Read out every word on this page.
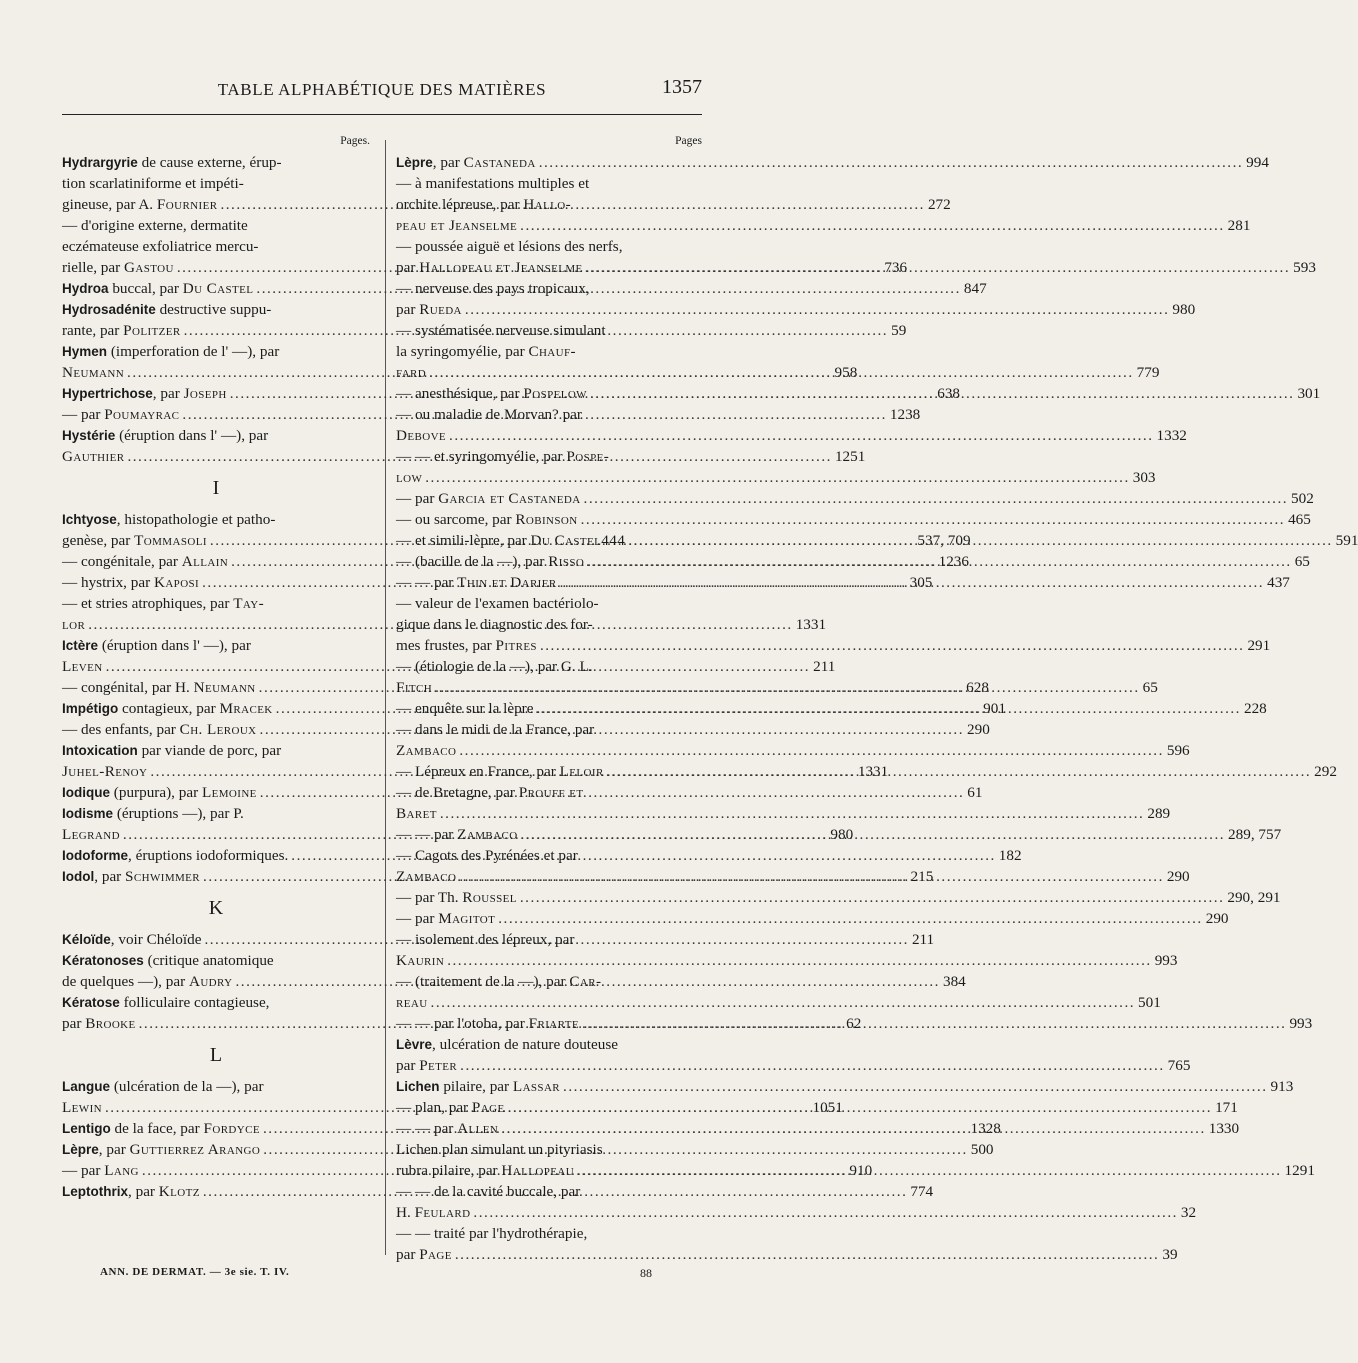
TABLE ALPHABÉTIQUE DES MATIÈRES	1357
Pages.
Hydrargyrie de cause externe, érup-
tion scarlatiniforme et impéti-
gineuse, par A. Fournier .....	272
— d'origine externe, dermatite
eczémateuse exfoliatrice mercu-
rielle, par Gastou .....	736
Hydroa buccal, par Du Castel .....	847
Hydrosadénite destructive suppu-
rante, par Politzer .....	59
Hymen (imperforation de l' —), par
Neumann .....	958
Hypertrichose, par Joseph .....	638
— par Poumayrac .....	1238
Hystérie (éruption dans l' —), par
Gauthier .....	1251
I
Ichtyose, histopathologie et patho-
genèse, par Tommasoli .....	537, 709
— congénitale, par Allain .....	1236
— hystrix, par Kaposi .....	305
— et stries atrophiques, par Tay-
lor .....	1331
Ictère (éruption dans l' —), par
Leven .....	211
— congénital, par H. Neumann .....	628
Impétigo contagieux, par Mracek .....	901
— des enfants, par Ch. Leroux .....	290
Intoxication par viande de porc, par
Juhel-Renoy .....	1331
Iodique (purpura), par Lemoine .....	61
Iodisme (éruptions —), par P.
Legrand .....	980
Iodoforme, éruptions iodoformiques. .....	182
Iodol, par Schwimmer .....	215
K
Kéloïde, voir Chéloïde .....	211
Kératonoses (critique anatomique
de quelques —), par Audry .....	384
Kératose folliculaire contagieuse,
par Brooke .....	62
L
Langue (ulcération de la —), par
Lewin .....	1051
Lentigo de la face, par Fordyce .....	1328
Lèpre, par Guttierrez Arango .....	500
— par Lang .....	910
Leptothrix, par Klotz .....	774
Pages
Lèpre, par Castaneda .....	994
— à manifestations multiples et
orchite lépreuse, par Hallo-
peau et Jeanselme .....	281
— poussée aiguë et lésions des nerfs,
par Hallopeau et Jeanselme .....	593
— nerveuse des pays tropicaux,
par Rueda .....	980
— systématisée nerveuse simulant
la syringomyélie, par Chauf-
fard .....	779
— anesthésique, par Pospelow .....	301
— ou maladie de Morvan? par
Debove .....	1332
— — et syringomyélie, par Pospe-
low .....	303
— par Garcia et Castaneda .....	502
— ou sarcome, par Robinson .....	465
— et simili-lèpre, par Du Castel444 .....	591
— (bacille de la —), par Risso .....	65
— — par Thin et Darier .....	437
— valeur de l'examen bactériolo-
gique dans le diagnostic des for-
mes frustes, par Pitres .....	291
— (étiologie de la —), par G. L.
Fitch .....	65
— enquête sur la lèpre .....	228
— dans le midi de la France, par
Zambaco .....	596
— Lépreux en France, par Leloir .....	292
— de Bretagne, par Prouff et
Baret .....	289
— — par Zambaco .....	289, 757
— Cagots des Pyrénées et par
Zambaco .....	290
— par Th. Roussel .....	290, 291
— par Magitot .....	290
— isolement des lépreux, par
Kaurin .....	993
— (traitement de la —), par Car-
reau .....	501
— — par l'otoba, par Friarte .....	993
Lèvre, ulcération de nature douteuse
par Peter .....	765
Lichen pilaire, par Lassar .....	913
— plan, par Page .....	171
— — par Allen .....	1330
Lichen plan simulant un pityriasis
rubra pilaire, par Hallopeau .....	1291
— — de la cavité buccale, par
H. Feulard .....	32
— — traité par l'hydrothérapie,
par Page .....	39
ANN. DE DERMAT. — 3e sie. T. IV.	88
